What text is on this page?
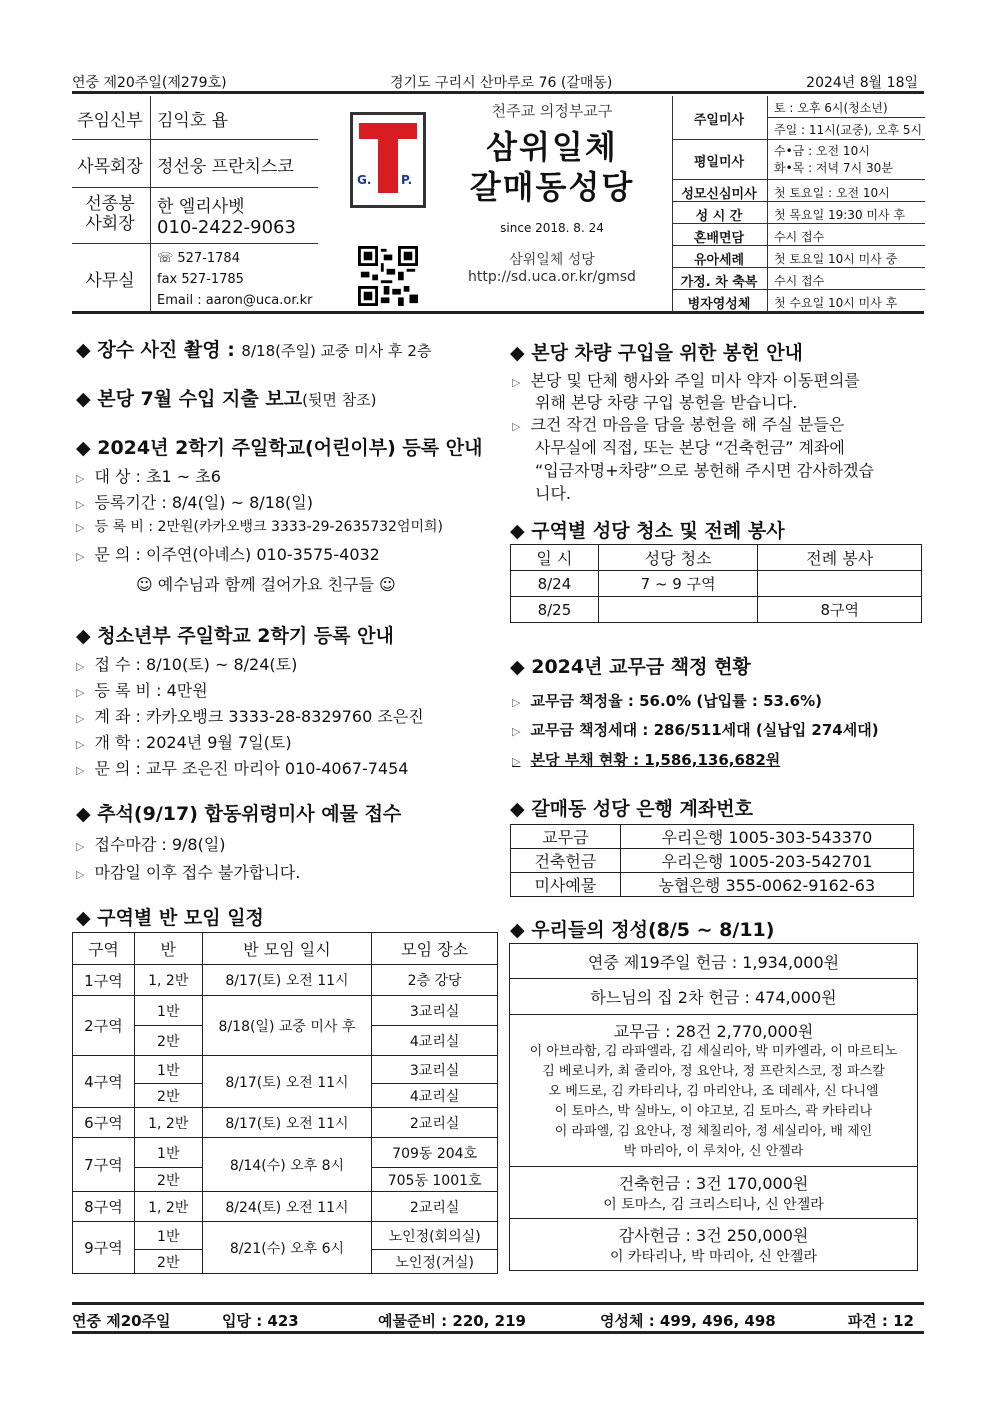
연중 제20주일(제279호)	경기도 구리시 산마루로 76 (갈매동)	2024년 8월 18일
주임신부 김익호 욥
사목회장 정선웅 프란치스코
선종봉사회장
한 엘리사벳
010-2422-9063
사무실
☏ 527-1784
fax 527-1785
Email : aaron@uca.or.kr
G. P.
천주교 의정부교구
삼위일체
갈매동성당
since 2018. 8. 24
삼위일체 성당
http://sd.uca.or.kr/gmsd
주일미사
토 : 오후 6시(청소년)
주일 : 11시(교중), 오후 5시
평일미사
수•금 : 오전 10시
화•목 : 저녁 7시 30분
성모신심미사	첫 토요일 : 오전 10시
성 시 간	첫 목요일 19:30 미사 후
혼배면담	수시 접수
유아세례	첫 토요일 10시 미사 중
가정. 차 축복	수시 접수
병자영성체	첫 수요일 10시 미사 후
◆ 장수 사진 촬영 : 8/18(주일) 교중 미사 후 2층
◆ 본당 7월 수입 지출 보고(뒷면 참조)
◆ 2024년 2학기 주일학교(어린이부) 등록 안내
▷ 대 상 : 초1 ~ 초6
▷ 등록기간 : 8/4(일) ~ 8/18(일)
▷ 등 록 비 : 2만원(카카오뱅크 3333-29-2635732엄미희)
▷ 문 의 : 이주연(아녜스) 010-3575-4032
☺ 예수님과 함께 걸어가요 친구들 ☺
◆ 청소년부 주일학교 2학기 등록 안내
▷ 접 수 : 8/10(토) ~ 8/24(토)
▷ 등 록 비 : 4만원
▷ 계 좌 : 카카오뱅크 3333-28-8329760 조은진
▷ 개 학 : 2024년 9월 7일(토)
▷ 문 의 : 교무 조은진 마리아 010-4067-7454
◆ 추석(9/17) 합동위령미사 예물 접수
▷ 접수마감 : 9/8(일)
▷ 마감일 이후 접수 불가합니다.
◆ 구역별 반 모임 일정
구역	반	반 모임 일시	모임 장소
1구역	1, 2반	8/17(토) 오전 11시	2층 강당
2구역	1반	8/18(일) 교중 미사 후	3교리실
	2반		4교리실
4구역	1반	8/17(토) 오전 11시	3교리실
	2반		4교리실
6구역	1, 2반	8/17(토) 오전 11시	2교리실
7구역	1반	8/14(수) 오후 8시	709동 204호
	2반		705동 1001호
8구역	1, 2반	8/24(토) 오전 11시	2교리실
9구역	1반	8/21(수) 오후 6시	노인정(회의실)
	2반		노인정(거실)
◆ 본당 차량 구입을 위한 봉헌 안내
▷ 본당 및 단체 행사와 주일 미사 약자 이동편의를
위해 본당 차량 구입 봉헌을 받습니다.
▷ 크건 작건 마음을 담을 봉헌을 해 주실 분들은
사무실에 직접, 또는 본당 “건축헌금” 계좌에
“입금자명+차량”으로 봉헌해 주시면 감사하겠습
니다.
◆ 구역별 성당 청소 및 전례 봉사
일 시	성당 청소	전례 봉사
8/24	7 ~ 9 구역	
8/25		8구역
◆ 2024년 교무금 책정 현황
▷ 교무금 책정율 : 56.0% (납입률 : 53.6%)
▷ 교무금 책정세대 : 286/511세대 (실납입 274세대)
▷ 본당 부채 현황 : 1,586,136,682원
◆ 갈매동 성당 은행 계좌번호
교무금	우리은행 1005-303-543370
건축헌금	우리은행 1005-203-542701
미사예물	농협은행 355-0062-9162-63
◆ 우리들의 정성(8/5 ~ 8/11)
연중 제19주일 헌금 : 1,934,000원
하느님의 집 2차 헌금 : 474,000원

교무금 : 28건 2,770,000원
이 아브라함, 김 라파엘라, 김 세실리아, 박 미카엘라, 이 마르티노
김 베로니카, 최 줄리아, 정 요안나, 정 프란치스코, 정 파스칼
오 베드로, 김 카타리나, 김 마리안나, 조 데레사, 신 다니엘
이 토마스, 박 실바노, 이 야고보, 김 토마스, 곽 카타리나
이 라파엘, 김 요안나, 정 체칠리아, 정 세실리아, 배 제인
박 마리아, 이 루치아, 신 안젤라

건축헌금 : 3건 170,000원
이 토마스, 김 크리스티나, 신 안젤라

감사헌금 : 3건 250,000원
이 카타리나, 박 마리아, 신 안젤라
연중 제20주일	입당 : 423	예물준비 : 220, 219	영성체 : 499, 496, 498	파견 : 12
